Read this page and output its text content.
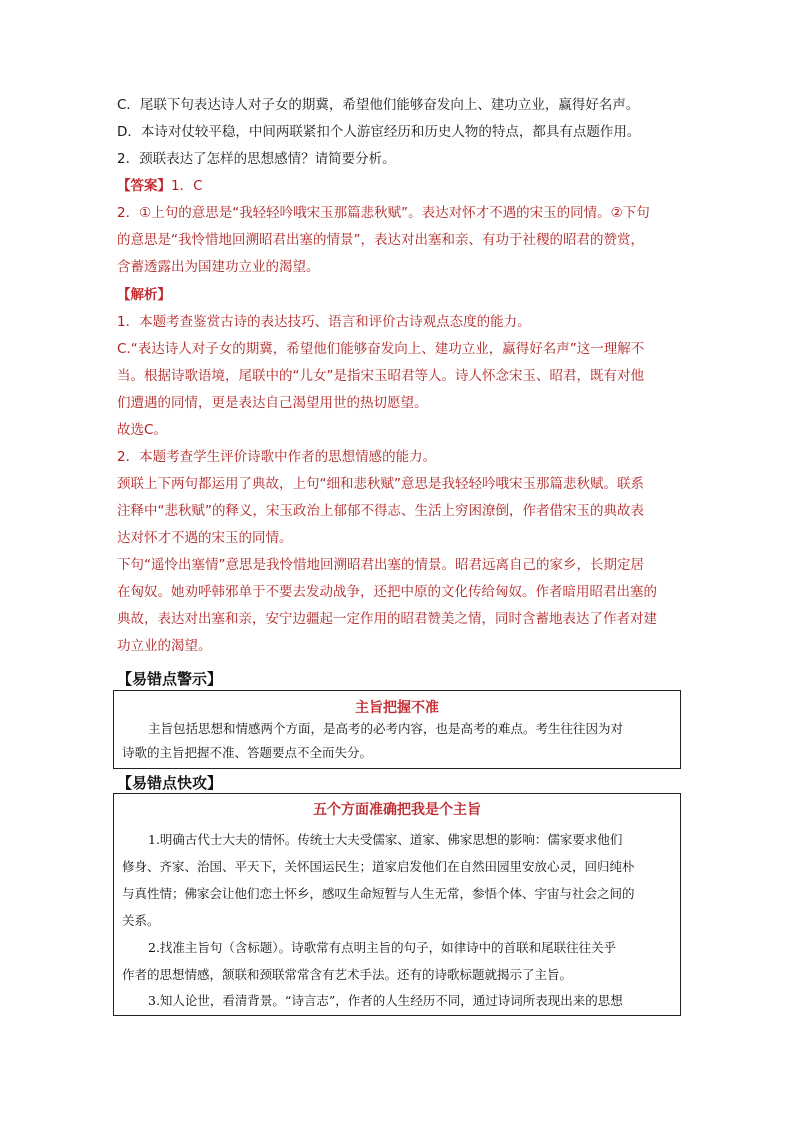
C．尾联下句表达诗人对子女的期冀，希望他们能够奋发向上、建功立业，赢得好名声。
D．本诗对仗较平稳，中间两联紧扣个人游宦经历和历史人物的特点，都具有点题作用。
2．颈联表达了怎样的思想感情？请简要分析。
【答案】1．C
2．①上句的意思是“我轻轻吟哦宋玉那篇悲秋赋”。表达对怀才不遇的宋玉的同情。②下句
的意思是“我怜惜地回溯昭君出塞的情景”，表达对出塞和亲、有功于社稷的昭君的赞赏，
含蓄透露出为国建功立业的渴望。
【解析】
1．本题考查鉴赏古诗的表达技巧、语言和评价古诗观点态度的能力。
C.“表达诗人对子女的期冀，希望他们能够奋发向上、建功立业，赢得好名声”这一理解不
当。根据诗歌语境，尾联中的“儿女”是指宋玉昭君等人。诗人怀念宋玉、昭君，既有对他
们遭遇的同情，更是表达自己渴望用世的热切愿望。
故选C。
2．本题考查学生评价诗歌中作者的思想情感的能力。
颈联上下两句都运用了典故，上句“细和悲秋赋”意思是我轻轻吟哦宋玉那篇悲秋赋。联系
注释中“悲秋赋”的释义，宋玉政治上郁郁不得志、生活上穷困潦倒，作者借宋玉的典故表
达对怀才不遇的宋玉的同情。
下句“遥怜出塞情”意思是我怜惜地回溯昭君出塞的情景。昭君远离自己的家乡，长期定居
在匈奴。她劝呼韩邪单于不要去发动战争，还把中原的文化传给匈奴。作者暗用昭君出塞的
典故，表达对出塞和亲，安宁边疆起一定作用的昭君赞美之情，同时含蓄地表达了作者对建
功立业的渴望。
【易错点警示】
主旨把握不准
主旨包括思想和情感两个方面，是高考的必考内容，也是高考的难点。考生往往因为对
诗歌的主旨把握不准、答题要点不全而失分。
【易错点快攻】
五个方面准确把我是个主旨
1.明确古代士大夫的情怀。传统士大夫受儒家、道家、佛家思想的影响：儒家要求他们
修身、齐家、治国、平天下，关怀国运民生；道家启发他们在自然田园里安放心灵，回归纯朴
与真性情；佛家会让他们恋土怀乡，感叹生命短暂与人生无常，参悟个体、宇宙与社会之间的
关系。
2.找准主旨句（含标题）。诗歌常有点明主旨的句子，如律诗中的首联和尾联往往关乎
作者的思想情感，颔联和颈联常常含有艺术手法。还有的诗歌标题就揭示了主旨。
3.知人论世，看清背景。“诗言志”，作者的人生经历不同，通过诗词所表现出来的思想
